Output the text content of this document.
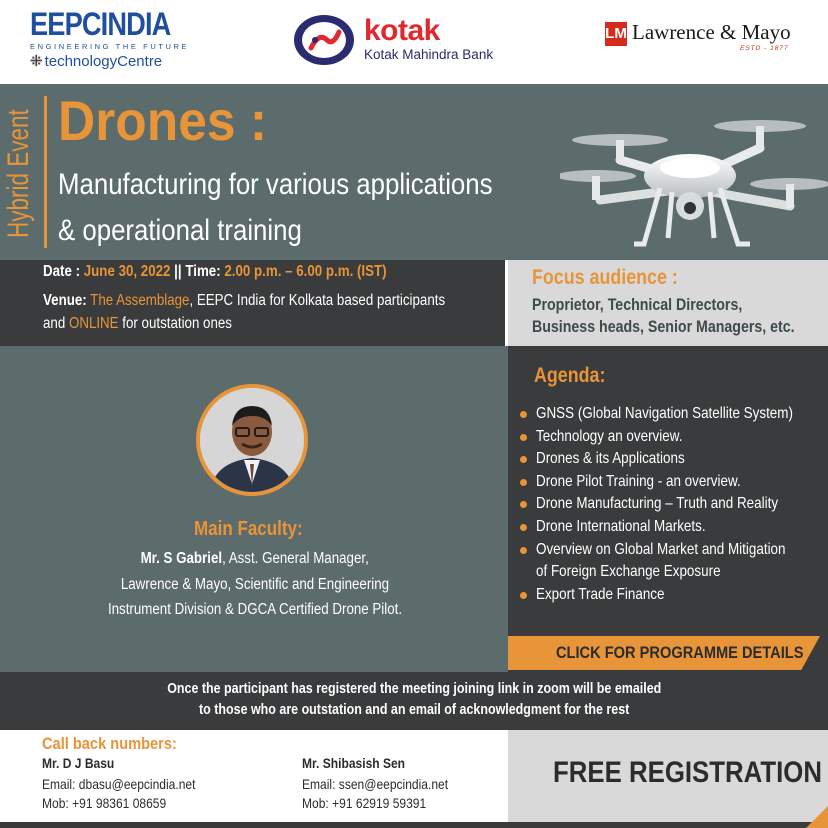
EEPCINDIA
ENGINEERING THE FUTURE
⁜ technologyCentre
kotak
Kotak Mahindra Bank
LM Lawrence & Mayo
ESTD - 1877
Hybrid Event Drones :
Manufacturing for various applications
& operational training
Date : June 30, 2022 || Time: 2.00 p.m. – 6.00 p.m. (IST)
Venue: The Assemblage, EEPC India for Kolkata based participants
and ONLINE for outstation ones
Focus audience :
Proprietor, Technical Directors,
Business heads, Senior Managers, etc.
Main Faculty:
Mr. S Gabriel, Asst. General Manager,
Lawrence & Mayo, Scientific and Engineering
Instrument Division & DGCA Certified Drone Pilot.
Agenda:
GNSS (Global Navigation Satellite System)
Technology an overview.
Drones & its Applications
Drone Pilot Training - an overview.
Drone Manufacturing – Truth and Reality
Drone International Markets.
Overview on Global Market and Mitigation
of Foreign Exchange Exposure
Export Trade Finance
CLICK FOR PROGRAMME DETAILS
Once the participant has registered the meeting joining link in zoom will be emailed
to those who are outstation and an email of acknowledgment for the rest
Call back numbers:
Mr. D J Basu
Email: dbasu@eepcindia.net
Mob: +91 98361 08659
Mr. Shibasish Sen
Email: ssen@eepcindia.net
Mob: +91 62919 59391
FREE REGISTRATION
